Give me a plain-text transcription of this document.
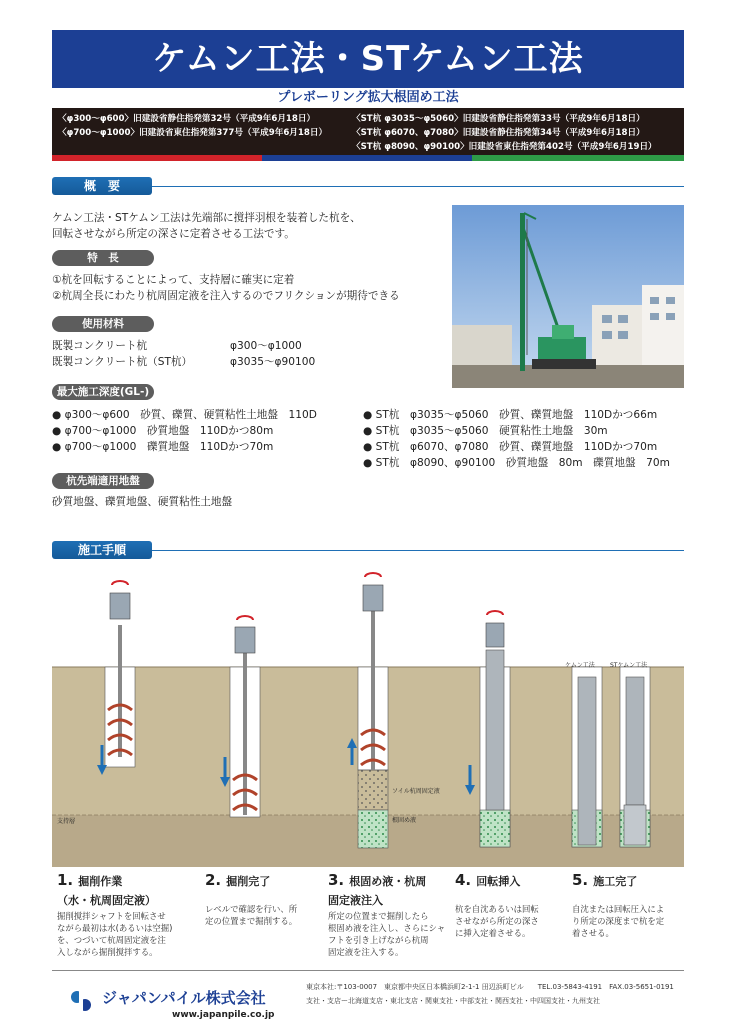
ケムン工法・STケムン工法
プレボーリング拡大根固め工法
〈φ300〜φ600〉旧建設省静住指発第32号（平成9年6月18日）
〈φ700〜φ1000〉旧建設省東住指発第377号（平成9年6月18日）
〈ST杭 φ3035〜φ5060〉旧建設省静住指発第33号（平成9年6月18日）
〈ST杭 φ6070、φ7080〉旧建設省静住指発第34号（平成9年6月18日）
〈ST杭 φ8090、φ90100〉旧建設省東住指発第402号（平成9年6月19日）
概　要
ケムン工法・STケムン工法は先端部に撹拌羽根を装着した杭を、
回転させながら所定の深さに定着させる工法です。
特　長
①杭を回転することによって、支持層に確実に定着
②杭周全長にわたり杭周固定液を注入するのでフリクションが期待できる
使用材料
既製コンクリート杭	φ300〜φ1000
既製コンクリート杭（ST杭）	φ3035〜φ90100
最大施工深度(GL-)
● φ300〜φ600　砂質、礫質、硬質粘性土地盤　110D
● φ700〜φ1000　砂質地盤　110Dかつ80m
● φ700〜φ1000　礫質地盤　110Dかつ70m
● ST杭　φ3035〜φ5060　砂質、礫質地盤　110Dかつ66m
● ST杭　φ3035〜φ5060　硬質粘性土地盤　30m
● ST杭　φ6070、φ7080　砂質、礫質地盤　110Dかつ70m
● ST杭　φ8090、φ90100　砂質地盤　80m　礫質地盤　70m
杭先端適用地盤
砂質地盤、礫質地盤、硬質粘性土地盤
施工手順
支持層
ソイル杭周固定液
根固め液
ケムン工法	STケムン工法
1. 掘削作業
（水・杭周固定液）
掘削撹拌シャフトを回転させ
ながら最初は水(あるいは空掘)
を、つづいて杭周固定液を注
入しながら掘削撹拌する。
2. 掘削完了
レベルで確認を行い、所
定の位置まで掘削する。
3. 根固め液・杭周
固定液注入
所定の位置まで掘削したら
根固め液を注入し、さらにシャ
フトを引き上げながら杭周
固定液を注入する。
4. 回転挿入
杭を自沈あるいは回転
させながら所定の深さ
に挿入定着させる。
5. 施工完了
自沈または回転圧入によ
り所定の深度まで杭を定
着させる。
ジャパンパイル株式会社
www.japanpile.co.jp
東京本社:〒103-0007　東京都中央区日本橋浜町2-1-1 田辺浜町ビル　　TEL.03-5843-4191　FAX.03-5651-0191
支社・支店ー北海道支店・東北支店・関東支社・中部支社・関西支社・中四国支社・九州支社
